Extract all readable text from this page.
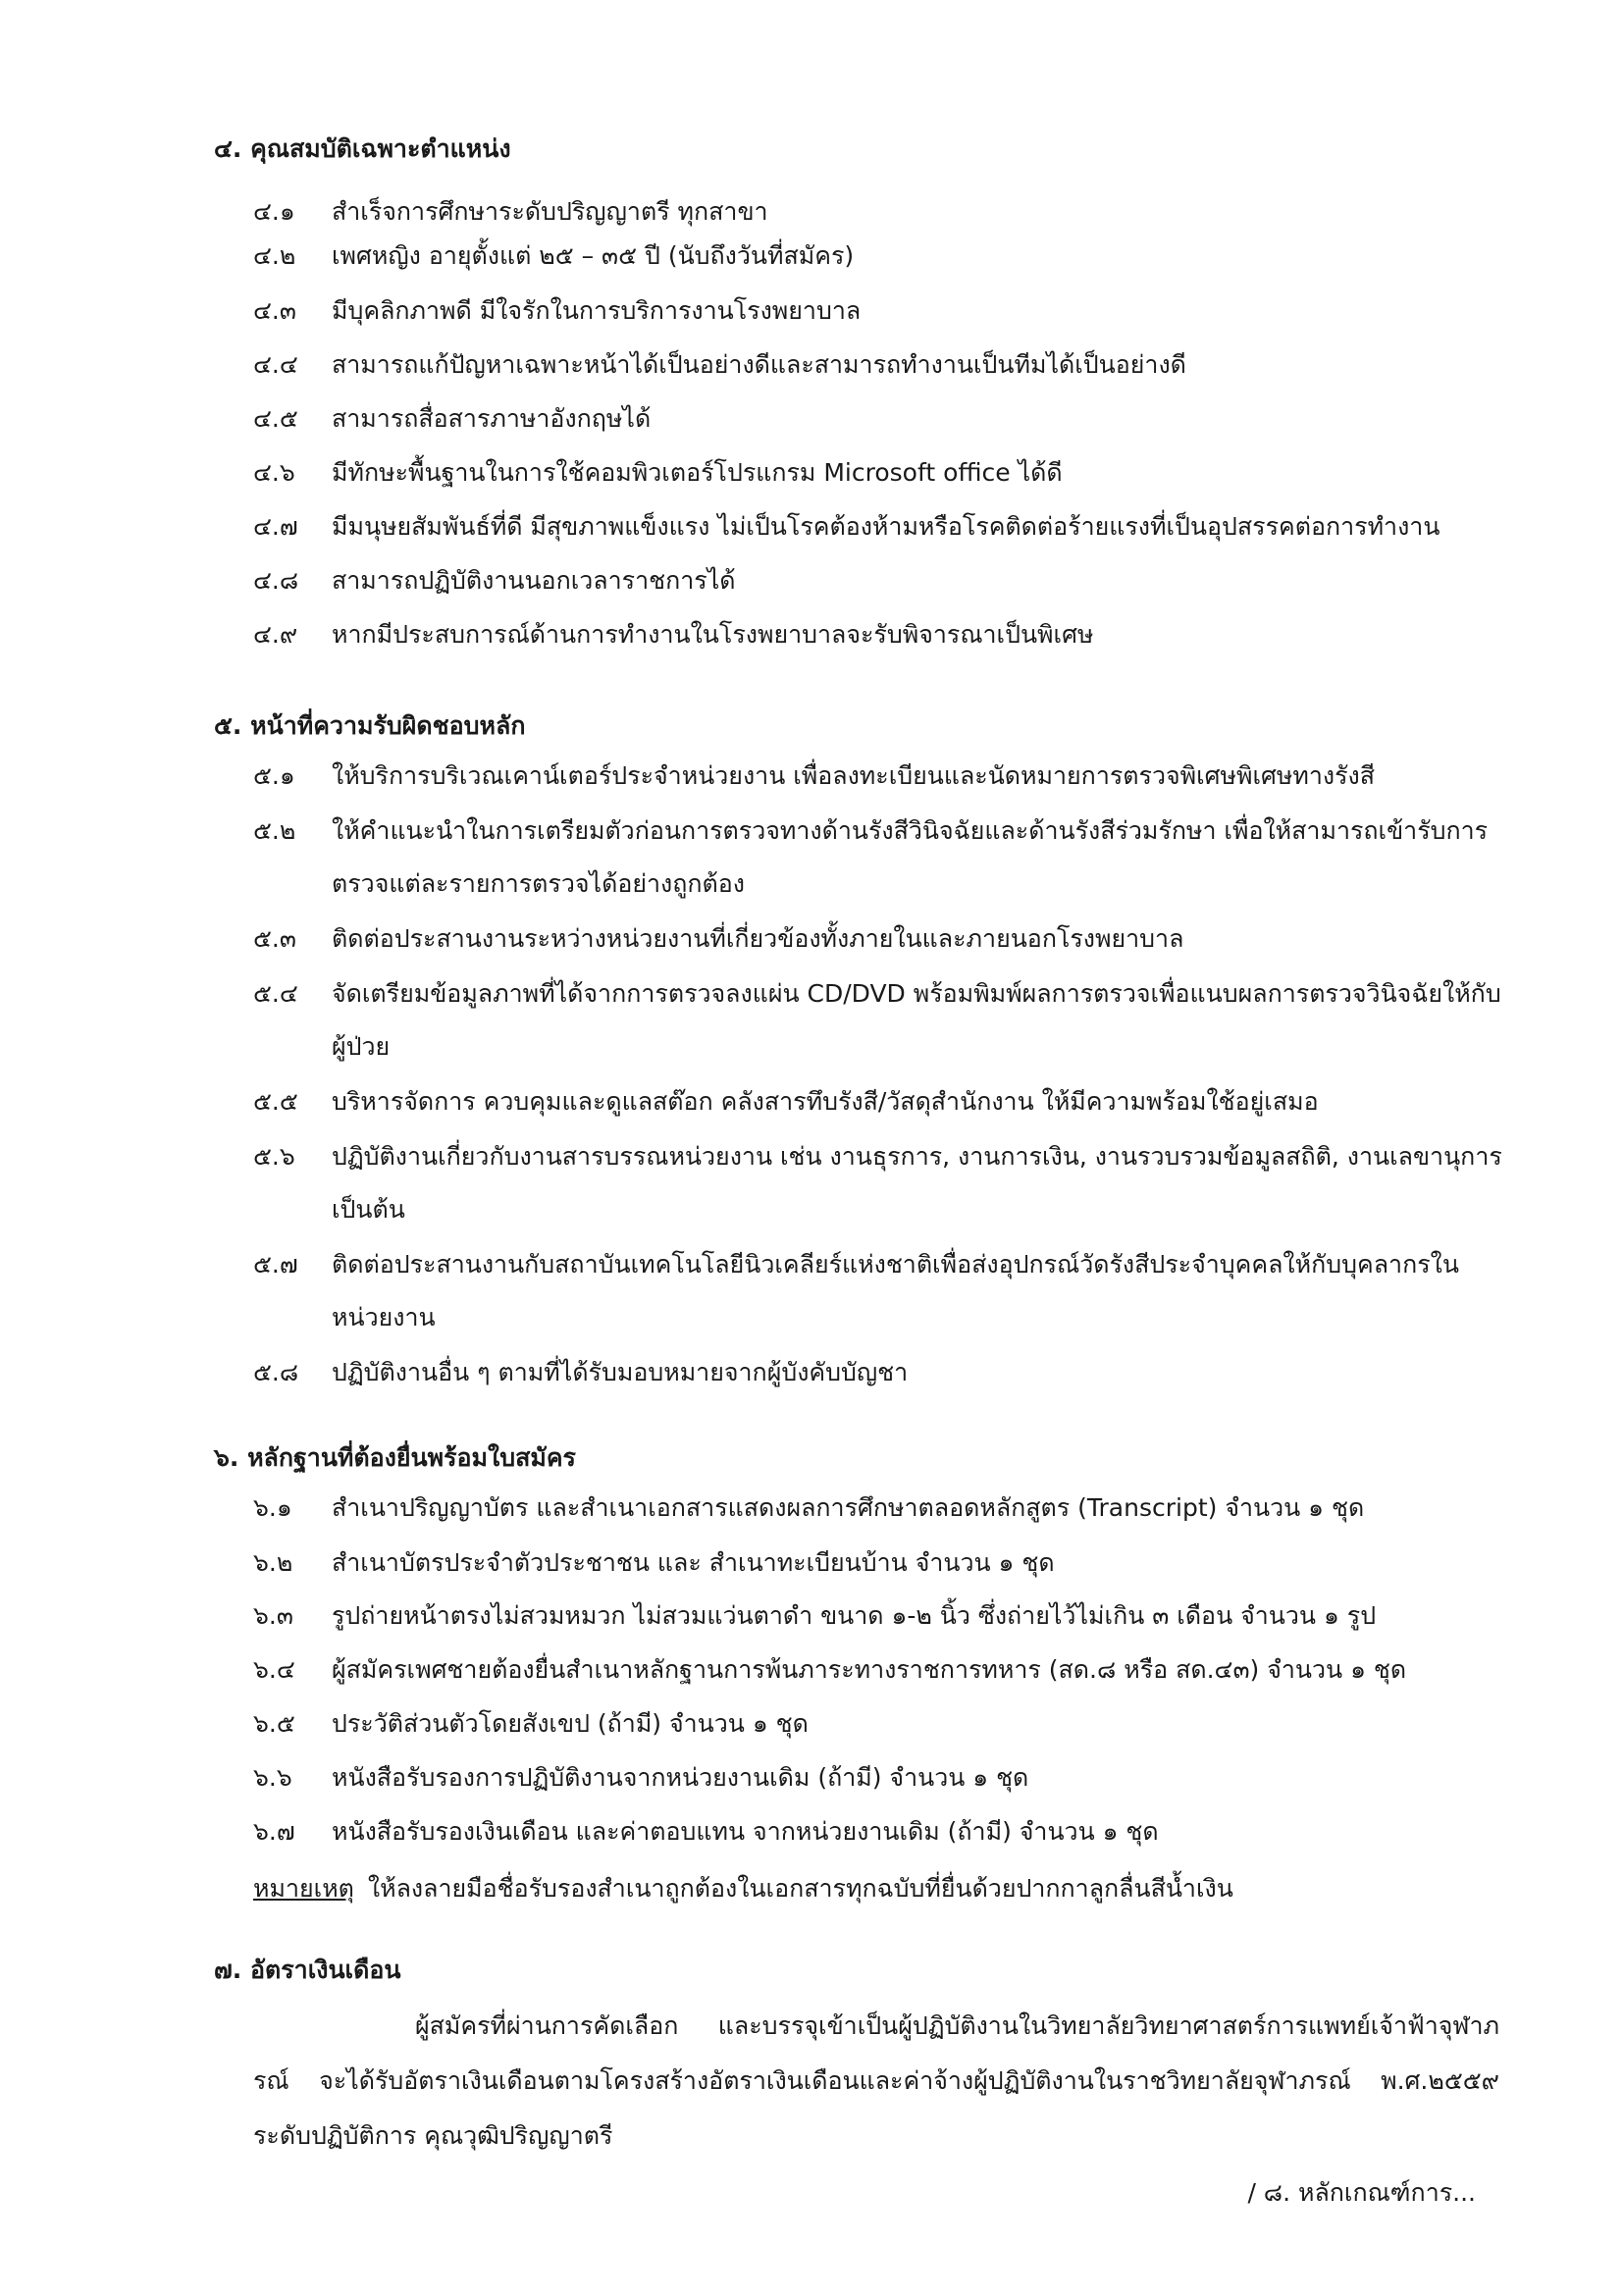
๔. คุณสมบัติเฉพาะตำแหน่ง
๔.๑	สำเร็จการศึกษาระดับปริญญาตรี ทุกสาขา
๔.๒	เพศหญิง อายุตั้งแต่ ๒๕ – ๓๕ ปี (นับถึงวันที่สมัคร)
๔.๓	มีบุคลิกภาพดี มีใจรักในการบริการงานโรงพยาบาล
๔.๔	สามารถแก้ปัญหาเฉพาะหน้าได้เป็นอย่างดีและสามารถทำงานเป็นทีมได้เป็นอย่างดี
๔.๕	สามารถสื่อสารภาษาอังกฤษได้
๔.๖	มีทักษะพื้นฐานในการใช้คอมพิวเตอร์โปรแกรม Microsoft office ได้ดี
๔.๗	มีมนุษยสัมพันธ์ที่ดี มีสุขภาพแข็งแรง ไม่เป็นโรคต้องห้ามหรือโรคติดต่อร้ายแรงที่เป็นอุปสรรคต่อการทำงาน
๔.๘	สามารถปฏิบัติงานนอกเวลาราชการได้
๔.๙	หากมีประสบการณ์ด้านการทำงานในโรงพยาบาลจะรับพิจารณาเป็นพิเศษ
๕. หน้าที่ความรับผิดชอบหลัก
๕.๑	ให้บริการบริเวณเคาน์เตอร์ประจำหน่วยงาน เพื่อลงทะเบียนและนัดหมายการตรวจพิเศษพิเศษทางรังสี
๕.๒	ให้คำแนะนำในการเตรียมตัวก่อนการตรวจทางด้านรังสีวินิจฉัยและด้านรังสีร่วมรักษา เพื่อให้สามารถเข้ารับการตรวจแต่ละรายการตรวจได้อย่างถูกต้อง
๕.๓	ติดต่อประสานงานระหว่างหน่วยงานที่เกี่ยวข้องทั้งภายในและภายนอกโรงพยาบาล
๕.๔	จัดเตรียมข้อมูลภาพที่ได้จากการตรวจลงแผ่น CD/DVD พร้อมพิมพ์ผลการตรวจเพื่อแนบผลการตรวจวินิจฉัยให้กับผู้ป่วย
๕.๕	บริหารจัดการ ควบคุมและดูแลสต๊อก คลังสารทึบรังสี/วัสดุสำนักงาน ให้มีความพร้อมใช้อยู่เสมอ
๕.๖	ปฏิบัติงานเกี่ยวกับงานสารบรรณหน่วยงาน เช่น งานธุรการ, งานการเงิน, งานรวบรวมข้อมูลสถิติ, งานเลขานุการ เป็นต้น
๕.๗	ติดต่อประสานงานกับสถาบันเทคโนโลยีนิวเคลียร์แห่งชาติเพื่อส่งอุปกรณ์วัดรังสีประจำบุคคลให้กับบุคลากรในหน่วยงาน
๕.๘	ปฏิบัติงานอื่น ๆ ตามที่ได้รับมอบหมายจากผู้บังคับบัญชา
๖. หลักฐานที่ต้องยื่นพร้อมใบสมัคร
๖.๑	สำเนาปริญญาบัตร และสำเนาเอกสารแสดงผลการศึกษาตลอดหลักสูตร (Transcript) จำนวน ๑ ชุด
๖.๒	สำเนาบัตรประจำตัวประชาชน และ สำเนาทะเบียนบ้าน จำนวน ๑ ชุด
๖.๓	รูปถ่ายหน้าตรงไม่สวมหมวก ไม่สวมแว่นตาดำ ขนาด ๑-๒ นิ้ว ซึ่งถ่ายไว้ไม่เกิน ๓ เดือน จำนวน ๑ รูป
๖.๔	ผู้สมัครเพศชายต้องยื่นสำเนาหลักฐานการพ้นภาระทางราชการทหาร (สด.๘ หรือ สด.๔๓) จำนวน ๑ ชุด
๖.๕	ประวัติส่วนตัวโดยสังเขป (ถ้ามี) จำนวน ๑ ชุด
๖.๖	หนังสือรับรองการปฏิบัติงานจากหน่วยงานเดิม (ถ้ามี) จำนวน ๑ ชุด
๖.๗	หนังสือรับรองเงินเดือน และค่าตอบแทน จากหน่วยงานเดิม (ถ้ามี) จำนวน ๑ ชุด
หมายเหตุ ให้ลงลายมือชื่อรับรองสำเนาถูกต้องในเอกสารทุกฉบับที่ยื่นด้วยปากกาลูกลื่นสีน้ำเงิน
๗. อัตราเงินเดือน
ผู้สมัครที่ผ่านการคัดเลือก และบรรจุเข้าเป็นผู้ปฏิบัติงานในวิทยาลัยวิทยาศาสตร์การแพทย์เจ้าฟ้าจุฬาภรณ์ จะได้รับอัตราเงินเดือนตามโครงสร้างอัตราเงินเดือนและค่าจ้างผู้ปฏิบัติงานในราชวิทยาลัยจุฬาภรณ์ พ.ศ.๒๕๕๙ ระดับปฏิบัติการ คุณวุฒิปริญญาตรี
/ ๘. หลักเกณฑ์การ...
